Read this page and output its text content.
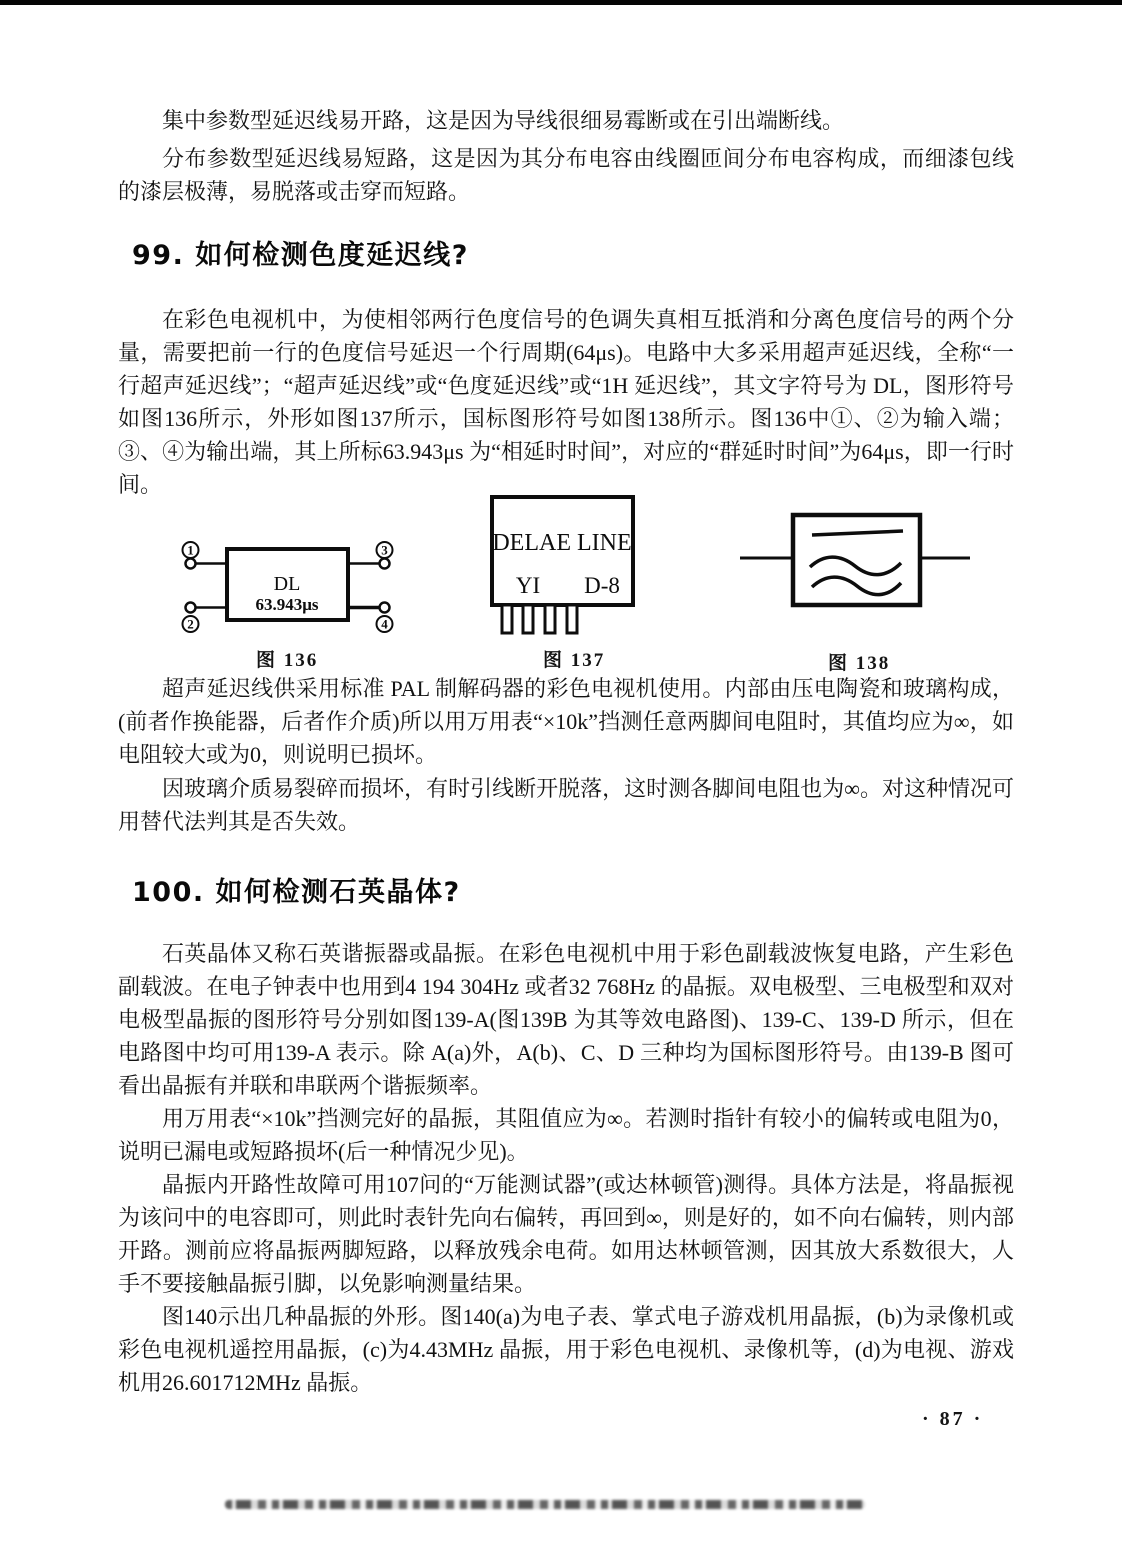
集中参数型延迟线易开路，这是因为导线很细易霉断或在引出端断线。
分布参数型延迟线易短路，这是因为其分布电容由线圈匝间分布电容构成，而细漆包线的漆层极薄，易脱落或击穿而短路。
99. 如何检测色度延迟线?
在彩色电视机中，为使相邻两行色度信号的色调失真相互抵消和分离色度信号的两个分量，需要把前一行的色度信号延迟一个行周期(64μs)。电路中大多采用超声延迟线，全称“一行超声延迟线”；“超声延迟线”或“色度延迟线”或“1H 延迟线”，其文字符号为 DL，图形符号如图136所示，外形如图137所示，国标图形符号如图138所示。图136中①、②为输入端；③、④为输出端，其上所标63.943μs 为“相延时时间”，对应的“群延时时间”为64μs，即一行时间。
DL
63.943μs
1
2
3
4
图 136
DELAE LINE
YI D-8
图 137	图 138
超声延迟线供采用标准 PAL 制解码器的彩色电视机使用。内部由压电陶瓷和玻璃构成，(前者作换能器，后者作介质)所以用万用表“×10k”挡测任意两脚间电阻时，其值均应为∞，如电阻较大或为0，则说明已损坏。
因玻璃介质易裂碎而损坏，有时引线断开脱落，这时测各脚间电阻也为∞。对这种情况可用替代法判其是否失效。
100. 如何检测石英晶体?
石英晶体又称石英谐振器或晶振。在彩色电视机中用于彩色副载波恢复电路，产生彩色副载波。在电子钟表中也用到4 194 304Hz 或者32 768Hz 的晶振。双电极型、三电极型和双对电极型晶振的图形符号分别如图139-A(图139B 为其等效电路图)、139-C、139-D 所示，但在电路图中均可用139-A 表示。除 A(a)外，A(b)、C、D 三种均为国标图形符号。由139-B 图可看出晶振有并联和串联两个谐振频率。
用万用表“×10k”挡测完好的晶振，其阻值应为∞。若测时指针有较小的偏转或电阻为0，说明已漏电或短路损坏(后一种情况少见)。
晶振内开路性故障可用107问的“万能测试器”(或达林顿管)测得。具体方法是，将晶振视为该问中的电容即可，则此时表针先向右偏转，再回到∞，则是好的，如不向右偏转，则内部开路。测前应将晶振两脚短路，以释放残余电荷。如用达林顿管测，因其放大系数很大，人手不要接触晶振引脚，以免影响测量结果。
图140示出几种晶振的外形。图140(a)为电子表、掌式电子游戏机用晶振，(b)为录像机或彩色电视机遥控用晶振，(c)为4.43MHz 晶振，用于彩色电视机、录像机等，(d)为电视、游戏机用26.601712MHz 晶振。
· 87 ·
